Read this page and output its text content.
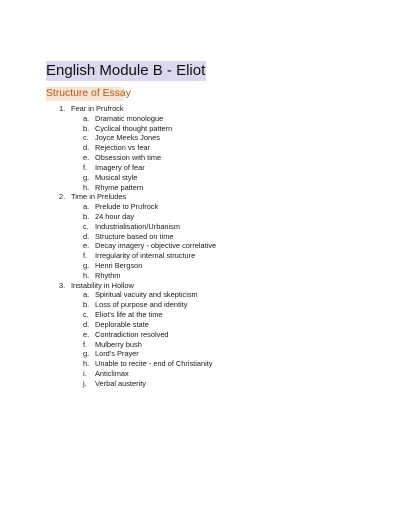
English Module B - Eliot
Structure of Essay
1. Fear in Prufrock
a. Dramatic monologue
b. Cyclical thought pattern
c. Joyce Meeks Jones
d. Rejection vs fear
e. Obsession with time
f.	Imagery of fear
g. Musical style
h. Rhyme pattern
2. Time in Preludes
a. Prelude to Prufrock
b. 24 hour day
c. Industrialisation/Urbanism
d. Structure based on time
e. Decay imagery - objective correlative
f.	Irregularity of internal structure
g. Henri Bergson
h. Rhythm
3. Instability in Hollow
a. Spiritual vacuity and skepticism
b. Loss of purpose and identity
c. Eliot's life at the time
d. Deplorable state
e. Contradiction resolved
f.	Mulberry bush
g. Lord's Prayer
h. Unable to recite - end of Christianity
i.	Anticlimax
j.	Verbal austerity
